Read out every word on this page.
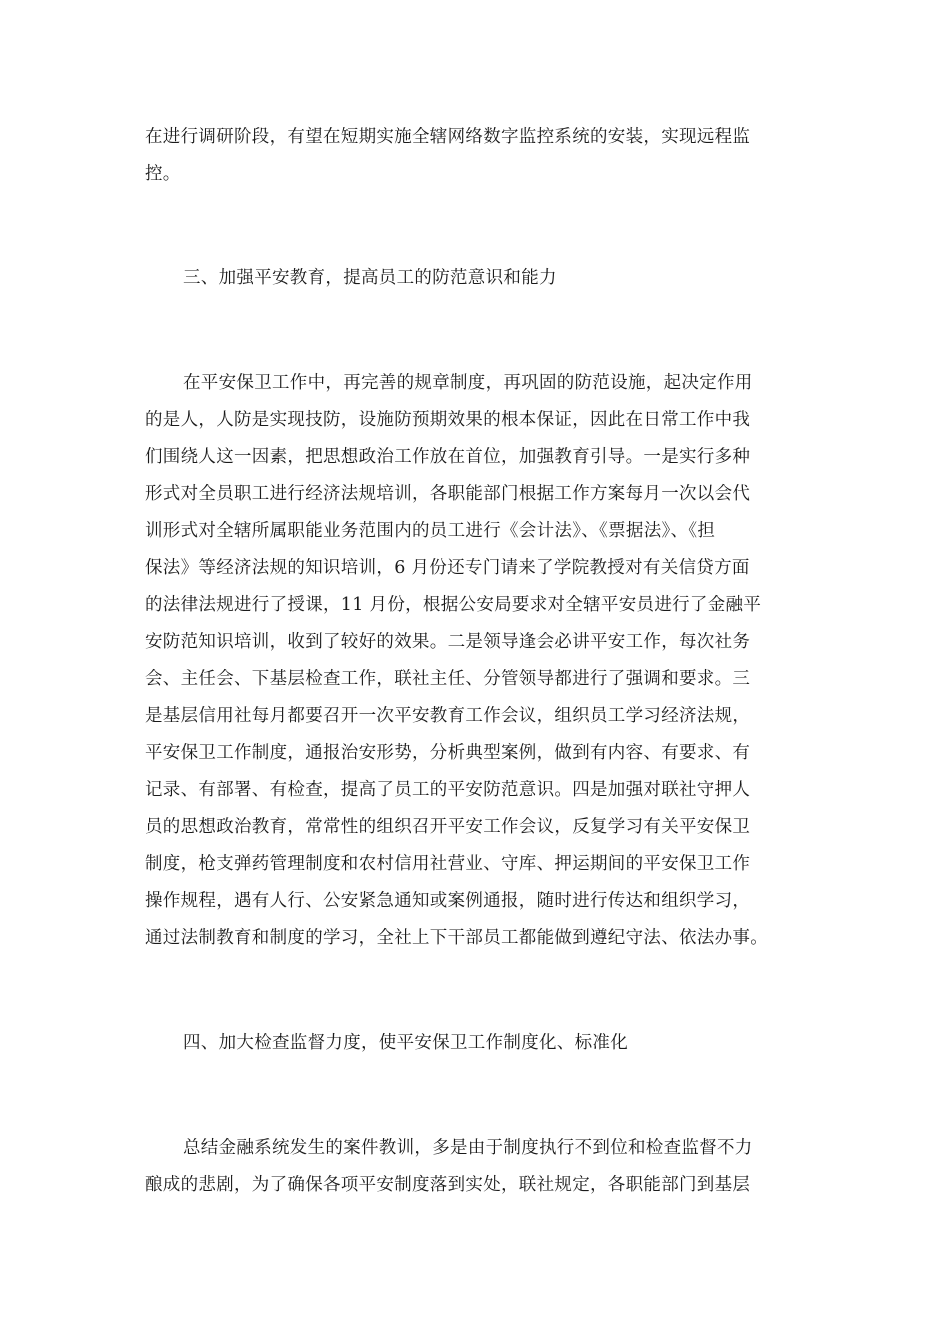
在进行调研阶段，有望在短期实施全辖网络数字监控系统的安装，实现远程监
控。
三、加强平安教育，提高员工的防范意识和能力
在平安保卫工作中，再完善的规章制度，再巩固的防范设施，起决定作用
的是人，人防是实现技防，设施防预期效果的根本保证，因此在日常工作中我
们围绕人这一因素，把思想政治工作放在首位，加强教育引导。一是实行多种
形式对全员职工进行经济法规培训，各职能部门根据工作方案每月一次以会代
训形式对全辖所属职能业务范围内的员工进行《会计法》、《票据法》、《担
保法》等经济法规的知识培训，6 月份还专门请来了学院教授对有关信贷方面
的法律法规进行了授课，11 月份，根据公安局要求对全辖平安员进行了金融平
安防范知识培训，收到了较好的效果。二是领导逢会必讲平安工作，每次社务
会、主任会、下基层检查工作，联社主任、分管领导都进行了强调和要求。三
是基层信用社每月都要召开一次平安教育工作会议，组织员工学习经济法规，
平安保卫工作制度，通报治安形势，分析典型案例，做到有内容、有要求、有
记录、有部署、有检查，提高了员工的平安防范意识。四是加强对联社守押人
员的思想政治教育，常常性的组织召开平安工作会议，反复学习有关平安保卫
制度，枪支弹药管理制度和农村信用社营业、守库、押运期间的平安保卫工作
操作规程，遇有人行、公安紧急通知或案例通报，随时进行传达和组织学习，
通过法制教育和制度的学习，全社上下干部员工都能做到遵纪守法、依法办事。
四、加大检查监督力度，使平安保卫工作制度化、标准化
总结金融系统发生的案件教训，多是由于制度执行不到位和检查监督不力
酿成的悲剧，为了确保各项平安制度落到实处，联社规定，各职能部门到基层
